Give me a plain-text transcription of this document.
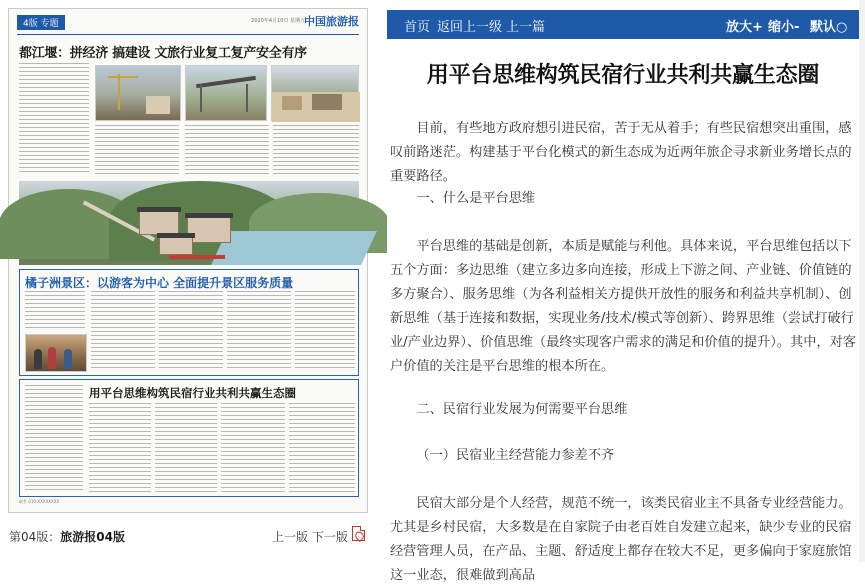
4版 专题	2020年4月10日 星期五 中国旅游报
都江堰：拼经济 搞建设 文旅行业复工复产安全有序
橘子洲景区：以游客为中心 全面提升景区服务质量
用平台思维构筑民宿行业共利共赢生态圈
联系 010-XXXXXXXX
第04版：旅游报04版	上一版 下一版
首页 返回上一级 上一篇	放大+ 缩小- 默认○
用平台思维构筑民宿行业共利共赢生态圈

目前，有些地方政府想引进民宿，苦于无从着手；有些民宿想突出重围，感叹前路迷茫。构建基于平台化模式的新生态成为近两年旅企寻求新业务增长点的重要路径。

一、什么是平台思维

平台思维的基础是创新，本质是赋能与利他。具体来说，平台思维包括以下五个方面：多边思维（建立多边多向连接，形成上下游之间、产业链、价值链的多方聚合）、服务思维（为各利益相关方提供开放性的服务和利益共享机制）、创新思维（基于连接和数据，实现业务/技术/模式等创新）、跨界思维（尝试打破行业/产业边界）、价值思维（最终实现客户需求的满足和价值的提升）。其中，对客户价值的关注是平台思维的根本所在。

二、民宿行业发展为何需要平台思维

（一）民宿业主经营能力参差不齐

民宿大部分是个人经营，规范不统一，该类民宿业主不具备专业经营能力。尤其是乡村民宿，大多数是在自家院子由老百姓自发建立起来，缺少专业的民宿经营管理人员，在产品、主题、舒适度上都存在较大不足，更多偏向于家庭旅馆这一业态，很难做到高品
